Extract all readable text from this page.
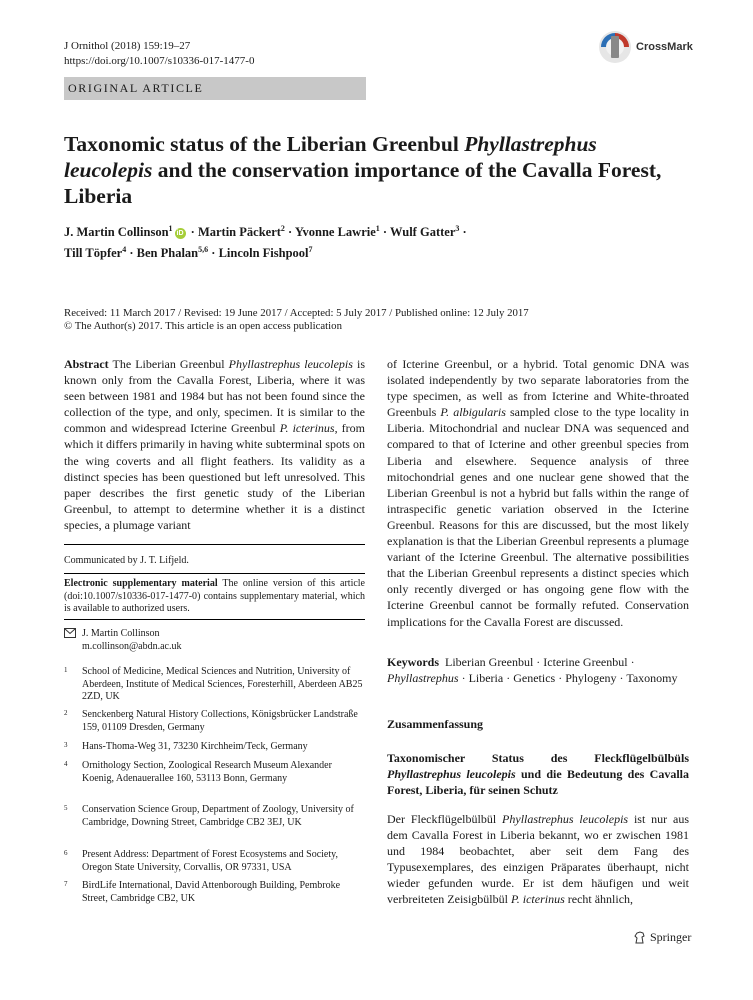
J Ornithol (2018) 159:19–27
https://doi.org/10.1007/s10336-017-1477-0
CrossMark
ORIGINAL ARTICLE
Taxonomic status of the Liberian Greenbul Phyllastrephus leucolepis and the conservation importance of the Cavalla Forest, Liberia
J. Martin Collinson$^1$iD · Martin Päckert$^2$ · Yvonne Lawrie$^1$ · Wulf Gatter$^3$ ·
Till Töpfer$^4$ · Ben Phalan$^{5,6}$ · Lincoln Fishpool$^7$
Received: 11 March 2017 / Revised: 19 June 2017 / Accepted: 5 July 2017 / Published online: 12 July 2017
© The Author(s) 2017. This article is an open access publication
Abstract The Liberian Greenbul Phyllastrephus leucolepis is known only from the Cavalla Forest, Liberia, where it was seen between 1981 and 1984 but has not been found since the collection of the type, and only, specimen. It is similar to the common and widespread Icterine Greenbul P. icterinus, from which it differs primarily in having white subterminal spots on the wing coverts and all flight feathers. Its validity as a distinct species has been questioned but left unresolved. This paper describes the first genetic study of the Liberian Greenbul, to attempt to determine whether it is a distinct species, a plumage variant
Communicated by J. T. Lifjeld.
Electronic supplementary material The online version of this article (doi:10.1007/s10336-017-1477-0) contains supplementary material, which is available to authorized users.
J. Martin Collinson
m.collinson@abdn.ac.uk
1 School of Medicine, Medical Sciences and Nutrition, University of Aberdeen, Institute of Medical Sciences, Foresterhill, Aberdeen AB25 2ZD, UK
2 Senckenberg Natural History Collections, Königsbrücker Landstraße 159, 01109 Dresden, Germany
3 Hans-Thoma-Weg 31, 73230 Kirchheim/Teck, Germany
4 Ornithology Section, Zoological Research Museum Alexander Koenig, Adenauerallee 160, 53113 Bonn, Germany
5 Conservation Science Group, Department of Zoology, University of Cambridge, Downing Street, Cambridge CB2 3EJ, UK
6 Present Address: Department of Forest Ecosystems and Society, Oregon State University, Corvallis, OR 97331, USA
7 BirdLife International, David Attenborough Building, Pembroke Street, Cambridge CB2, UK
of Icterine Greenbul, or a hybrid. Total genomic DNA was isolated independently by two separate laboratories from the type specimen, as well as from Icterine and White-throated Greenbuls P. albigularis sampled close to the type locality in Liberia. Mitochondrial and nuclear DNA was sequenced and compared to that of Icterine and other greenbul species from Liberia and elsewhere. Sequence analysis of three mitochondrial genes and one nuclear gene showed that the Liberian Greenbul is not a hybrid but falls within the range of intraspecific genetic variation observed in the Icterine Greenbul. Reasons for this are discussed, but the most likely explanation is that the Liberian Greenbul represents a plumage variant of the Icterine Greenbul. The alternative possibilities that the Liberian Greenbul represents a distinct species which only recently diverged or has ongoing gene flow with the Icterine Greenbul cannot be formally refuted. Conservation implications for the Cavalla Forest are discussed.
Keywords Liberian Greenbul · Icterine Greenbul · Phyllastrephus · Liberia · Genetics · Phylogeny · Taxonomy
Zusammenfassung
Taxonomischer Status des Fleckflügelbülbüls Phyllastrephus leucolepis und die Bedeutung des Cavalla Forest, Liberia, für seinen Schutz
Der Fleckflügelbülbül Phyllastrephus leucolepis ist nur aus dem Cavalla Forest in Liberia bekannt, wo er zwischen 1981 und 1984 beobachtet, aber seit dem Fang des Typusexemplares, des einzigen Präparates überhaupt, nicht wieder gefunden wurde. Er ist dem häufigen und weit verbreiteten Zeisigbülbül P. icterinus recht ähnlich,
Springer
